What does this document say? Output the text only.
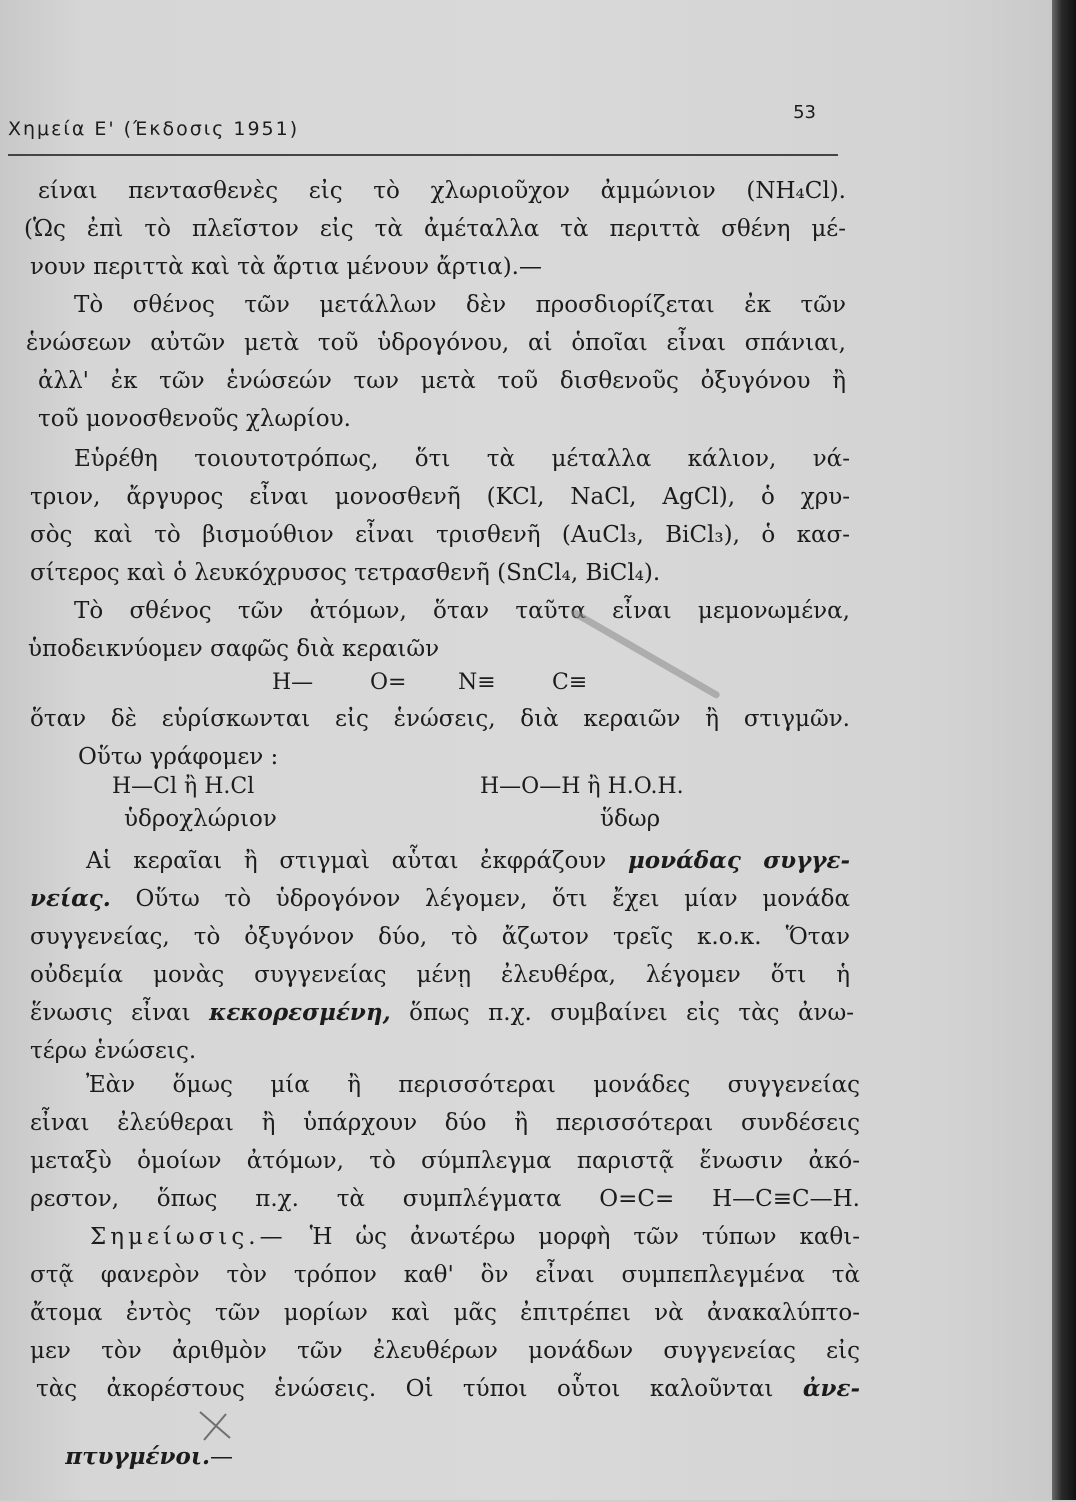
Χημεία Ε' (Έκδοσις 1951)
53
είναι πεντασθενὲς εἰς τὸ χλωριοῦχον ἀμμώνιον (NH₄Cl).
(Ὡς ἐπὶ τὸ πλεῖστον εἰς τὰ ἀμέταλλα τὰ περιττὰ σθένη μέ-
νουν περιττὰ καὶ τὰ ἄρτια μένουν ἄρτια).—
Τὸ σθένος τῶν μετάλλων δὲν προσδιορίζεται ἐκ τῶν
ἑνώσεων αὐτῶν μετὰ τοῦ ὑδρογόνου, αἱ ὁποῖαι εἶναι σπάνιαι,
ἀλλ' ἐκ τῶν ἑνώσεών των μετὰ τοῦ δισθενοῦς ὀξυγόνου ἢ
τοῦ μονοσθενοῦς χλωρίου.
Εὑρέθη τοιουτοτρόπως, ὅτι τὰ μέταλλα κάλιον, νά-
τριον, ἄργυρος εἶναι μονοσθενῆ (KCl, NaCl, AgCl), ὁ χρυ-
σὸς καὶ τὸ βισμούθιον εἶναι τρισθενῆ (AuCl₃, BiCl₃), ὁ κασ-
σίτερος καὶ ὁ λευκόχρυσος τετρασθενῆ (SnCl₄, BiCl₄).
Τὸ σθένος τῶν ἀτόμων, ὅταν ταῦτα εἶναι μεμονωμένα,
ὑποδεικνύομεν σαφῶς διὰ κεραιῶν
H—	O= N≡	C≡
ὅταν δὲ εὑρίσκωνται εἰς ἑνώσεις, διὰ κεραιῶν ἢ στιγμῶν.
Οὕτω γράφομεν :
H—Cl ἢ H.Cl
ὑδροχλώριον
H—O—H ἢ H.O.H.
ὕδωρ
Αἱ κεραῖαι ἢ στιγμαὶ αὗται ἐκφράζουν μονάδας συγγε-
νείας. Οὕτω τὸ ὑδρογόνον λέγομεν, ὅτι ἔχει μίαν μονάδα
συγγενείας, τὸ ὀξυγόνον δύο, τὸ ἄζωτον τρεῖς κ.ο.κ. Ὅταν
οὐδεμία μονὰς συγγενείας μένῃ ἐλευθέρα, λέγομεν ὅτι ἡ
ἕνωσις εἶναι κεκορεσμένη, ὅπως π.χ. συμβαίνει εἰς τὰς ἀνω-
τέρω ἑνώσεις.
Ἐὰν ὅμως μία ἢ περισσότεραι μονάδες συγγενείας
εἶναι ἐλεύθεραι ἢ ὑπάρχουν δύο ἢ περισσότεραι συνδέσεις
μεταξὺ ὁμοίων ἀτόμων, τὸ σύμπλεγμα παριστᾷ ἕνωσιν ἀκό-
ρεστον, ὅπως π.χ. τὰ συμπλέγματα O=C= H—C≡C—H.
Σημείωσις.— Ἡ ὡς ἀνωτέρω μορφὴ τῶν τύπων καθι-
στᾷ φανερὸν τὸν τρόπον καθ' ὃν εἶναι συμπεπλεγμένα τὰ
ἄτομα ἐντὸς τῶν μορίων καὶ μᾶς ἐπιτρέπει νὰ ἀνακαλύπτο-
μεν τὸν ἀριθμὸν τῶν ἐλευθέρων μονάδων συγγενείας εἰς
τὰς ἀκορέστους ἑνώσεις. Οἱ τύποι οὗτοι καλοῦνται ἀνε-

πτυγμένοι.—
